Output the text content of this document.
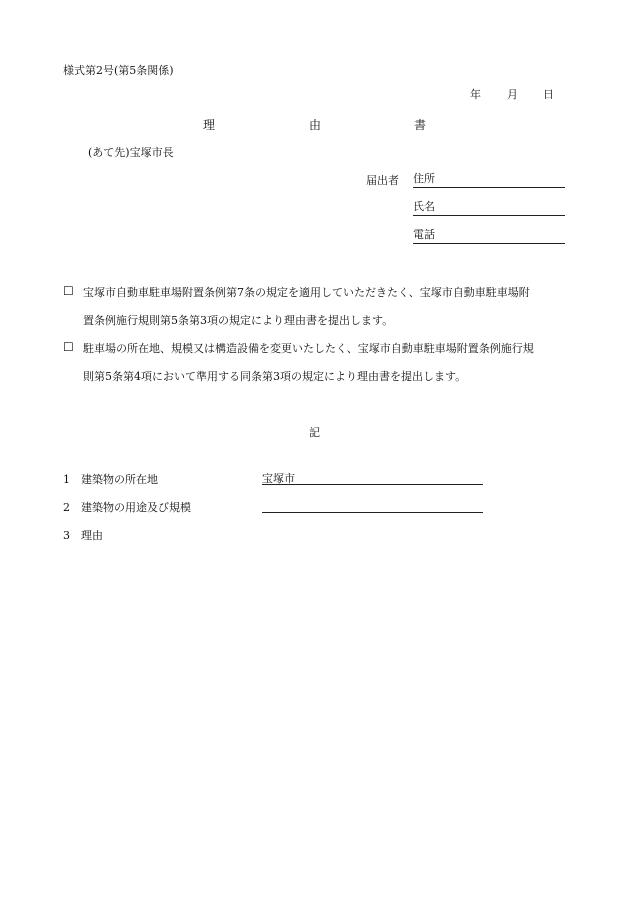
様式第2号(第5条関係)
年 月 日
理	由	書
(あて先)宝塚市長
届出者 住所
氏名
電話
☐ 宝塚市自動車駐車場附置条例第7条の規定を適用していただきたく、宝塚市自動車駐車場附
置条例施行規則第5条第3項の規定により理由書を提出します。
☐ 駐車場の所在地、規模又は構造設備を変更いたしたく、宝塚市自動車駐車場附置条例施行規
則第5条第4項において準用する同条第3項の規定により理由書を提出します。
記
1 建築物の所在地	宝塚市
2 建築物の用途及び規模
3 理由
